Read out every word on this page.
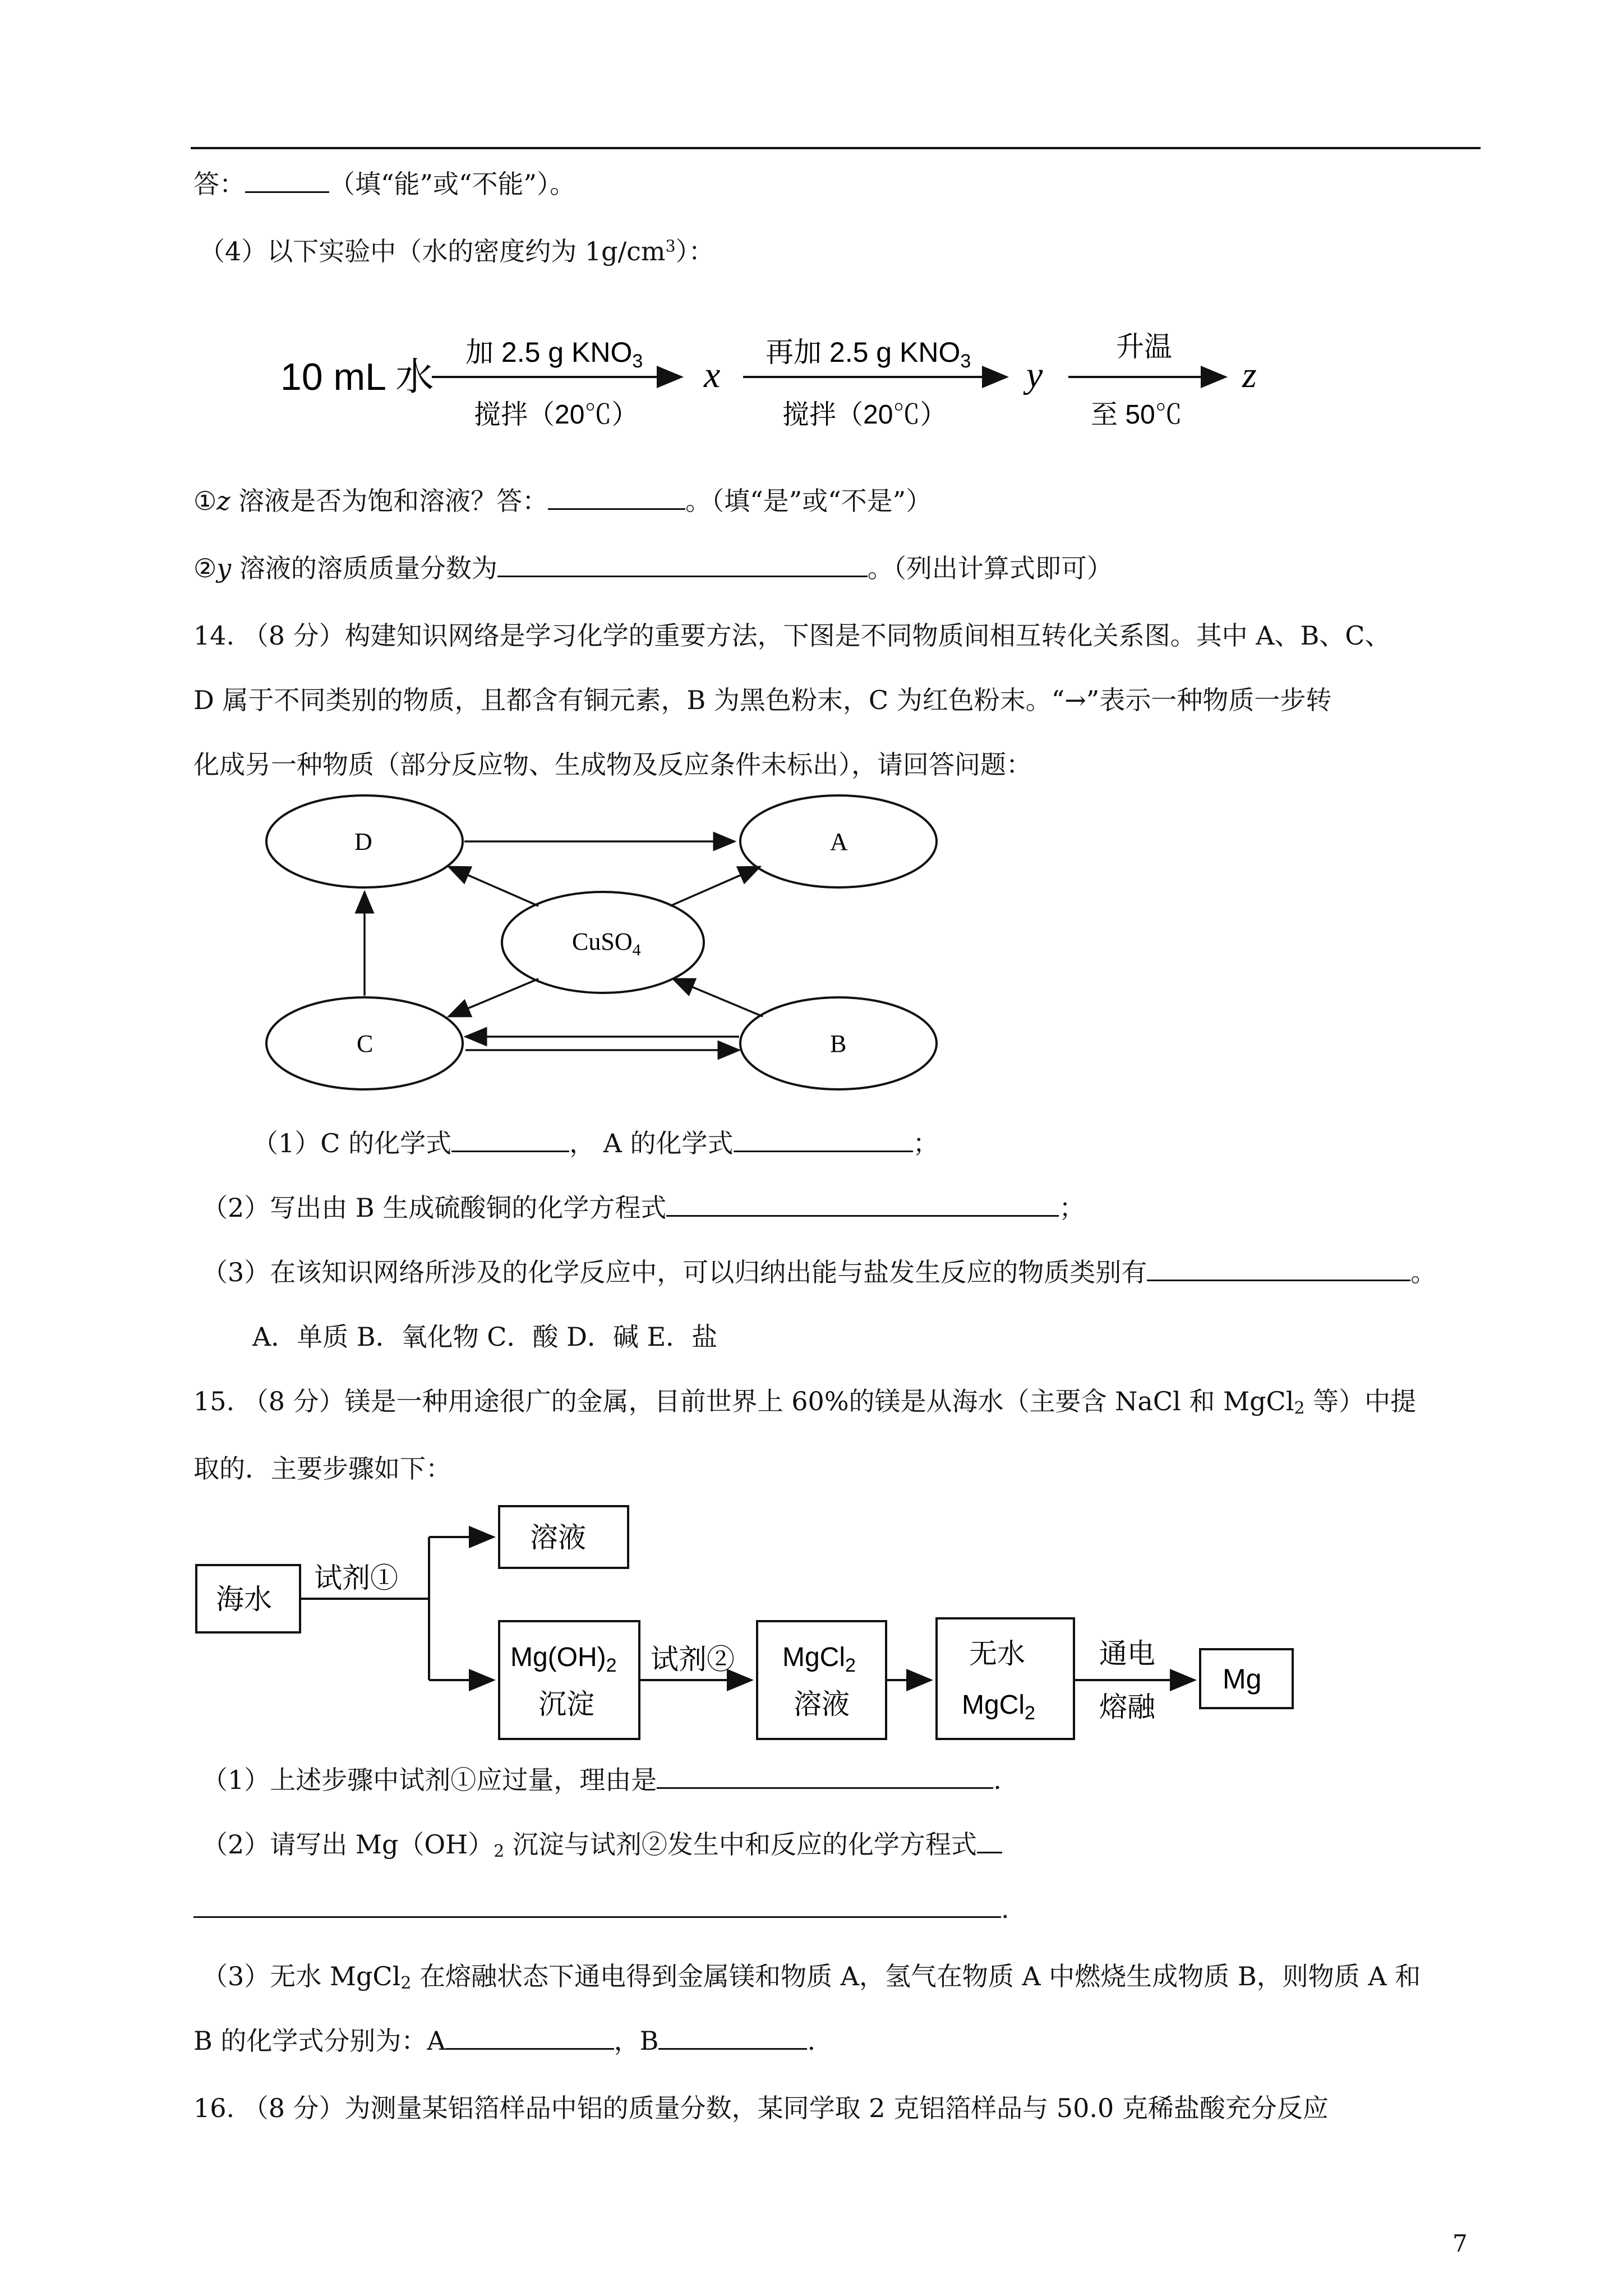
答：	（填“能”或“不能”）。
（4）以下实验中（水的密度约为 $1g/cm^3$）：
10 mL 水
加 2.5 g $KNO_3$
搅拌（20℃）
x
再加 2.5 g $KNO_3$
搅拌（20℃）
y
升温
至 50℃
z
①z 溶液是否为饱和溶液？答：	。（填“是”或“不是”）
②y 溶液的溶质质量分数为	。（列出计算式即可）
14. （8 分）构建知识网络是学习化学的重要方法，下图是不同物质间相互转化关系图。其中 A、B、C、
D 属于不同类别的物质，且都含有铜元素，B 为黑色粉末，C 为红色粉末。“→”表示一种物质一步转
化成另一种物质（部分反应物、生成物及反应条件未标出），请回答问题：
D	A
CuSO$_4$
C	B
（1）C 的化学式	， A 的化学式	；
（2）写出由 B 生成硫酸铜的化学方程式	；
（3）在该知识网络所涉及的化学反应中，可以归纳出能与盐发生反应的物质类别有	。
A．单质 B．氧化物 C．酸 D．碱 E．盐
15. （8 分）镁是一种用途很广的金属，目前世界上 60%的镁是从海水（主要含 NaCl 和 MgCl$_2$ 等）中提
取的．主要步骤如下：
海水
试剂①
溶液
$Mg(OH)_2$
沉淀
试剂② MgCl$_2$
溶液
无水
MgCl$_2$
通电
熔融
Mg
（1）上述步骤中试剂①应过量，理由是	.
（2）请写出 $Mg(OH)_2$ 沉淀与试剂②发生中和反应的化学方程式
.
（3）无水 MgCl$_2$ 在熔融状态下通电得到金属镁和物质 A，氢气在物质 A 中燃烧生成物质 B，则物质 A 和
B 的化学式分别为：A	，B	.
16. （8 分）为测量某铝箔样品中铝的质量分数，某同学取 2 克铝箔样品与 50.0 克稀盐酸充分反应
7
